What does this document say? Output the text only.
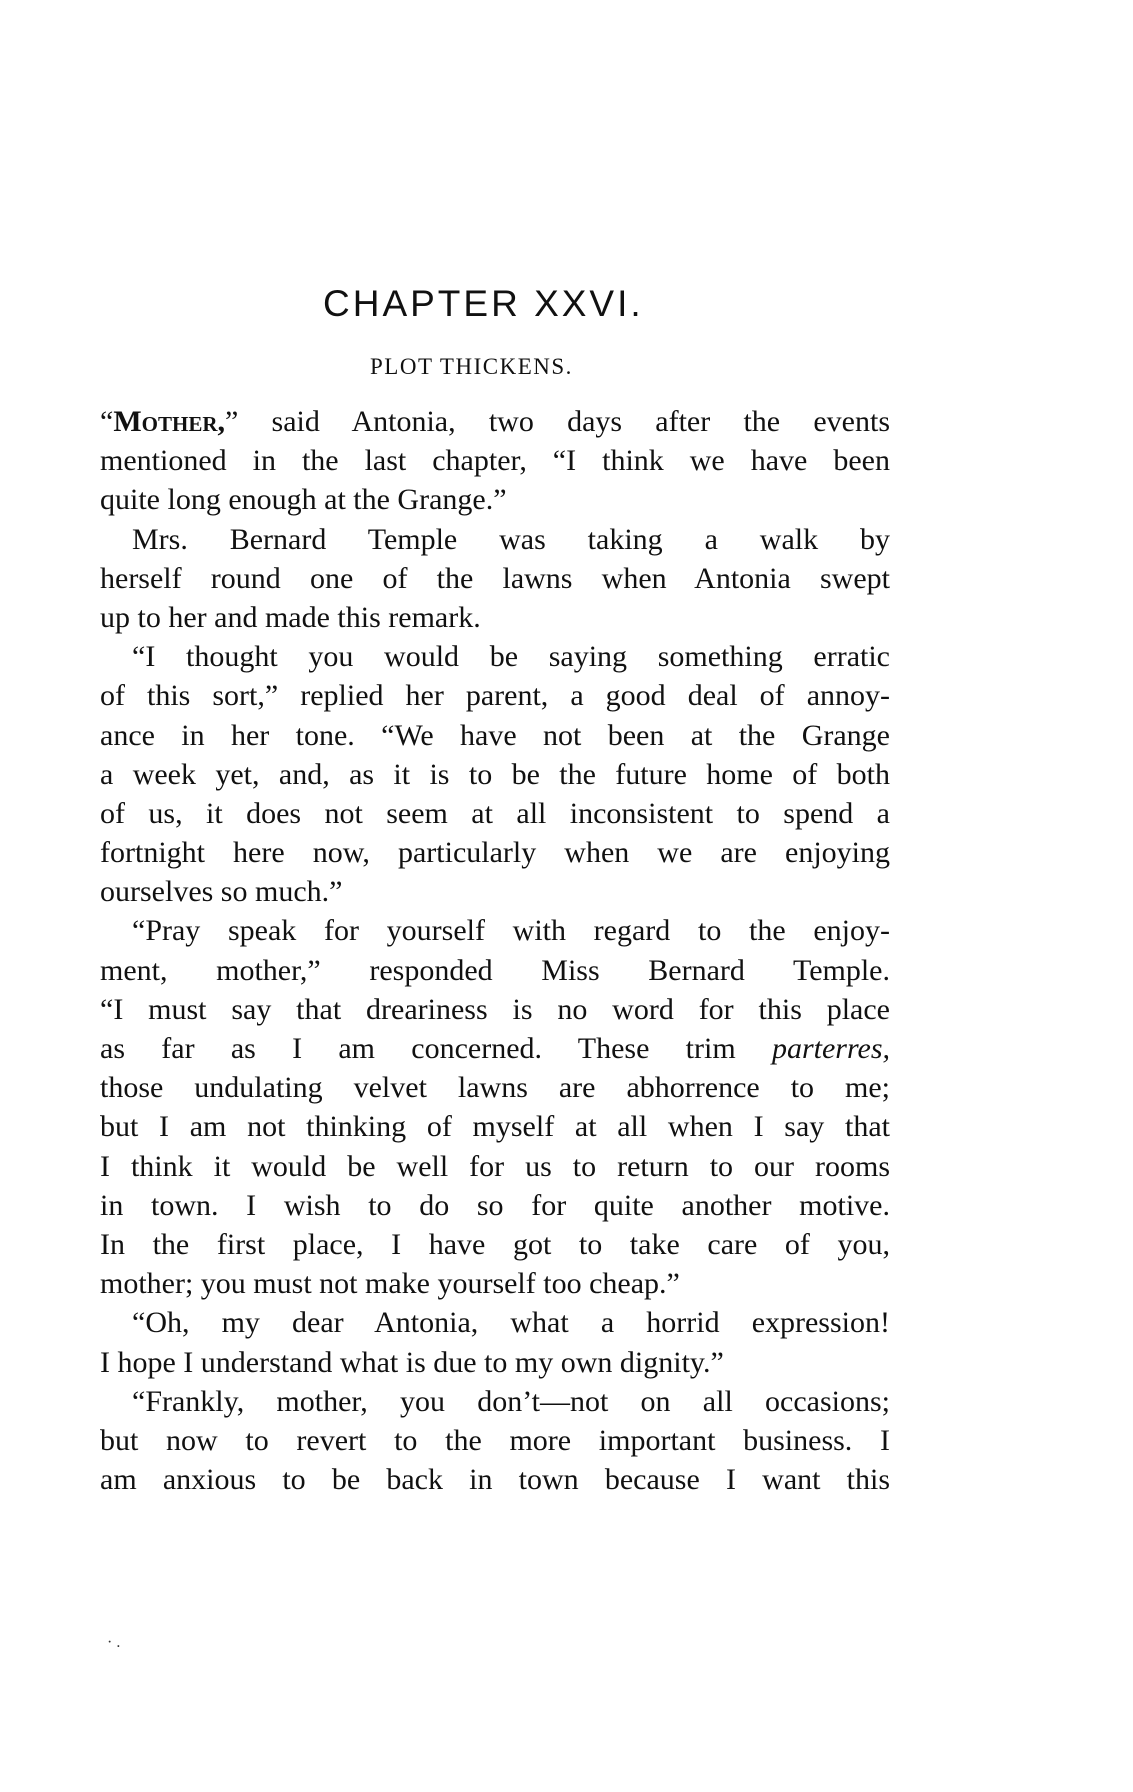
CHAPTER XXVI.
PLOT THICKENS.
“Mother,” said Antonia, two days after the events
mentioned in the last chapter, “I think we have been
quite long enough at the Grange.”
Mrs. Bernard Temple was taking a walk by
herself round one of the lawns when Antonia swept
up to her and made this remark.
“I thought you would be saying something erratic
of this sort,” replied her parent, a good deal of annoy-
ance in her tone. “We have not been at the Grange
a week yet, and, as it is to be the future home of both
of us, it does not seem at all inconsistent to spend a
fortnight here now, particularly when we are enjoying
ourselves so much.”
“Pray speak for yourself with regard to the enjoy-
ment, mother,” responded Miss Bernard Temple.
“I must say that dreariness is no word for this place
as far as I am concerned. These trim parterres,
those undulating velvet lawns are abhorrence to me;
but I am not thinking of myself at all when I say that
I think it would be well for us to return to our rooms
in town. I wish to do so for quite another motive.
In the first place, I have got to take care of you,
mother; you must not make yourself too cheap.”
“Oh, my dear Antonia, what a horrid expression!
I hope I understand what is due to my own dignity.”
“Frankly, mother, you don’t—not on all occasions;
but now to revert to the more important business. I
am anxious to be back in town because I want this
· .
